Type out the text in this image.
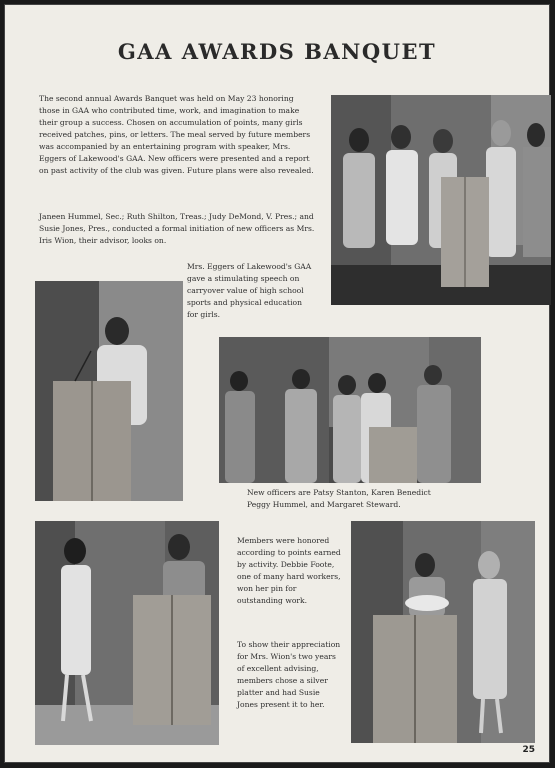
GAA AWARDS BANQUET

The second annual Awards Banquet was held on May 23 honoring those in GAA who contributed time, work, and imagination to make their group a success. Chosen on accumulation of points, many girls received patches, pins, or letters. The meal served by future members was accompanied by an entertaining program with speaker, Mrs. Eggers of Lakewood's GAA. New officers were presented and a report on past activity of the club was given. Future plans were also revealed.

Janeen Hummel, Sec.; Ruth Shilton, Treas.; Judy DeMond, V. Pres.; and Susie Jones, Pres., conducted a formal initiation of new officers as Mrs. Iris Wion, their advisor, looks on.

Mrs. Eggers of Lakewood's GAA gave a stimulating speech on carryover value of high school sports and physical education for girls.

New officers are Patsy Stanton, Karen Benedict Peggy Hummel, and Margaret Steward.

Members were honored according to points earned by activity. Debbie Foote, one of many hard workers, won her pin for outstanding work.

To show their appreciation for Mrs. Wion's two years of excellent advising, members chose a silver platter and had Susie Jones present it to her.

25
